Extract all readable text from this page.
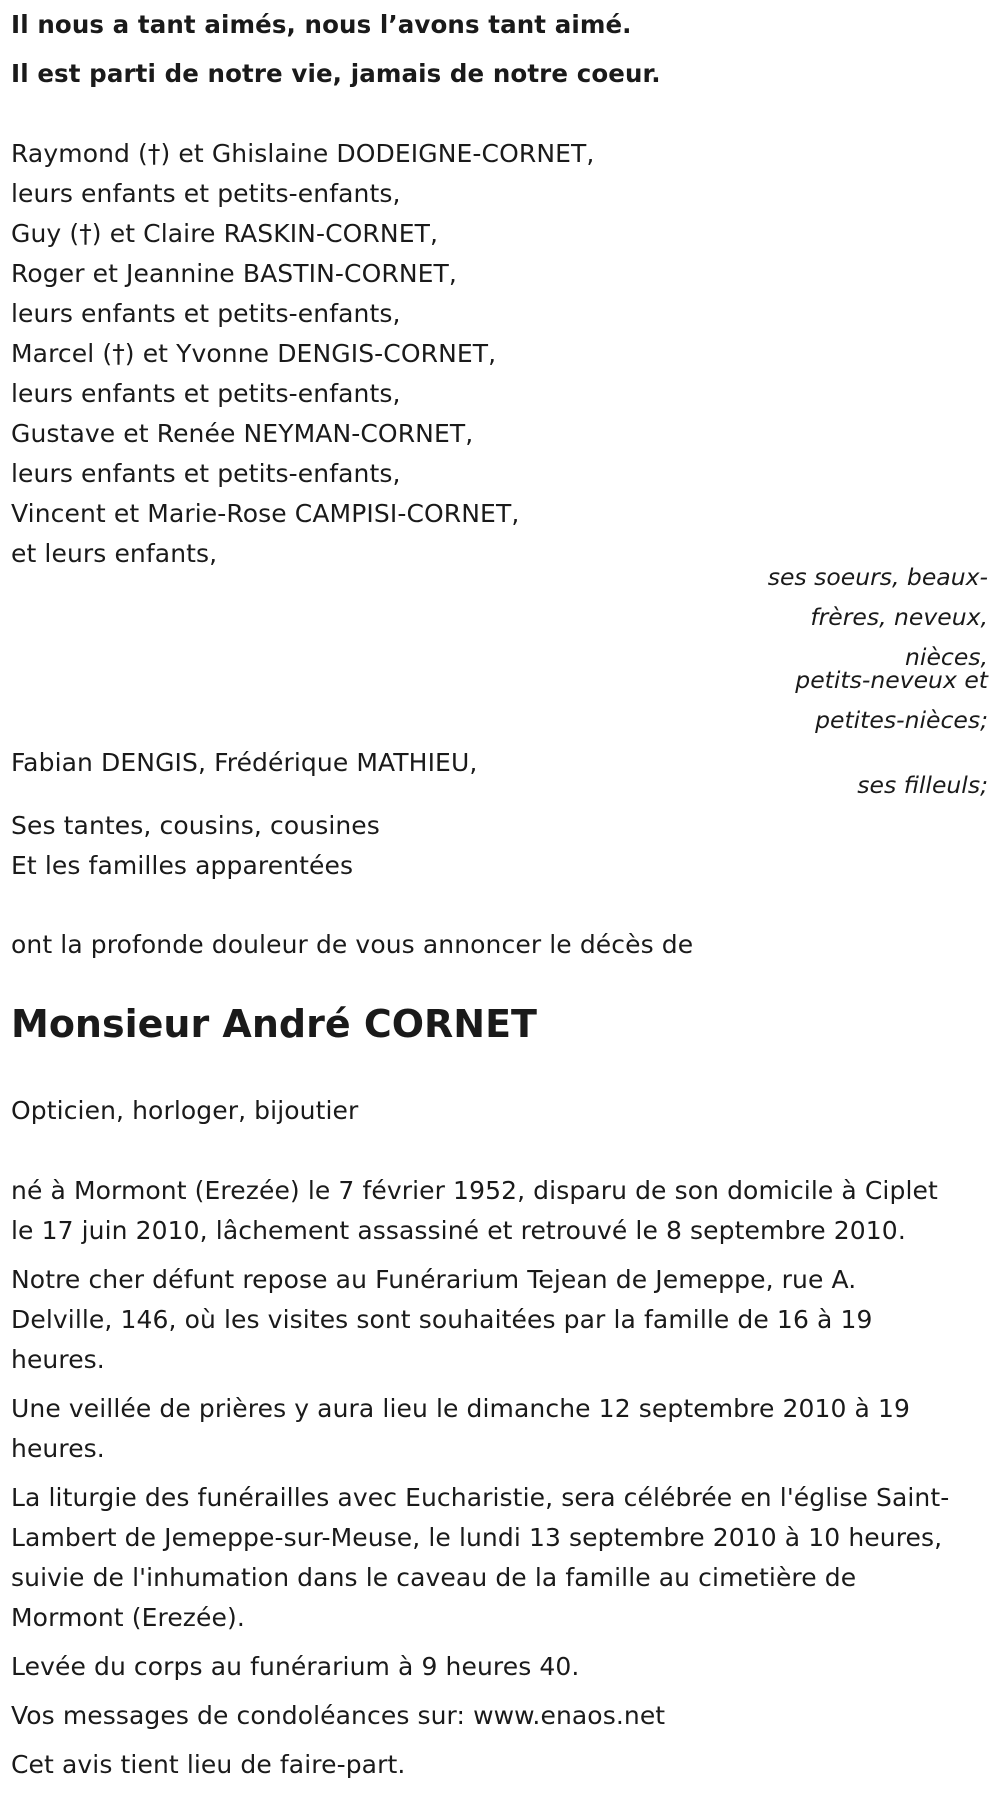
Il nous a tant aimés, nous l’avons tant aimé.
Il est parti de notre vie, jamais de notre coeur.
Raymond (†) et Ghislaine DODEIGNE-CORNET,
leurs enfants et petits-enfants,
Guy (†) et Claire RASKIN-CORNET,
Roger et Jeannine BASTIN-CORNET,
leurs enfants et petits-enfants,
Marcel (†) et Yvonne DENGIS-CORNET,
leurs enfants et petits-enfants,
Gustave et Renée NEYMAN-CORNET,
leurs enfants et petits-enfants,
Vincent et Marie-Rose CAMPISI-CORNET,
et leurs enfants,
ses soeurs, beaux-
frères, neveux,
nièces,
petits-neveux et
petites-nièces;
Fabian DENGIS, Frédérique MATHIEU,
ses filleuls;
Ses tantes, cousins, cousines
Et les familles apparentées
ont la profonde douleur de vous annoncer le décès de
Monsieur André CORNET
Opticien, horloger, bijoutier
né à Mormont (Erezée) le 7 février 1952, disparu de son domicile à Ciplet
le 17 juin 2010, lâchement assassiné et retrouvé le 8 septembre 2010.
Notre cher défunt repose au Funérarium Tejean de Jemeppe, rue A.
Delville, 146, où les visites sont souhaitées par la famille de 16 à 19
heures.
Une veillée de prières y aura lieu le dimanche 12 septembre 2010 à 19
heures.
La liturgie des funérailles avec Eucharistie, sera célébrée en l'église Saint-
Lambert de Jemeppe-sur-Meuse, le lundi 13 septembre 2010 à 10 heures,
suivie de l'inhumation dans le caveau de la famille au cimetière de
Mormont (Erezée).
Levée du corps au funérarium à 9 heures 40.
Vos messages de condoléances sur: www.enaos.net
Cet avis tient lieu de faire-part.
